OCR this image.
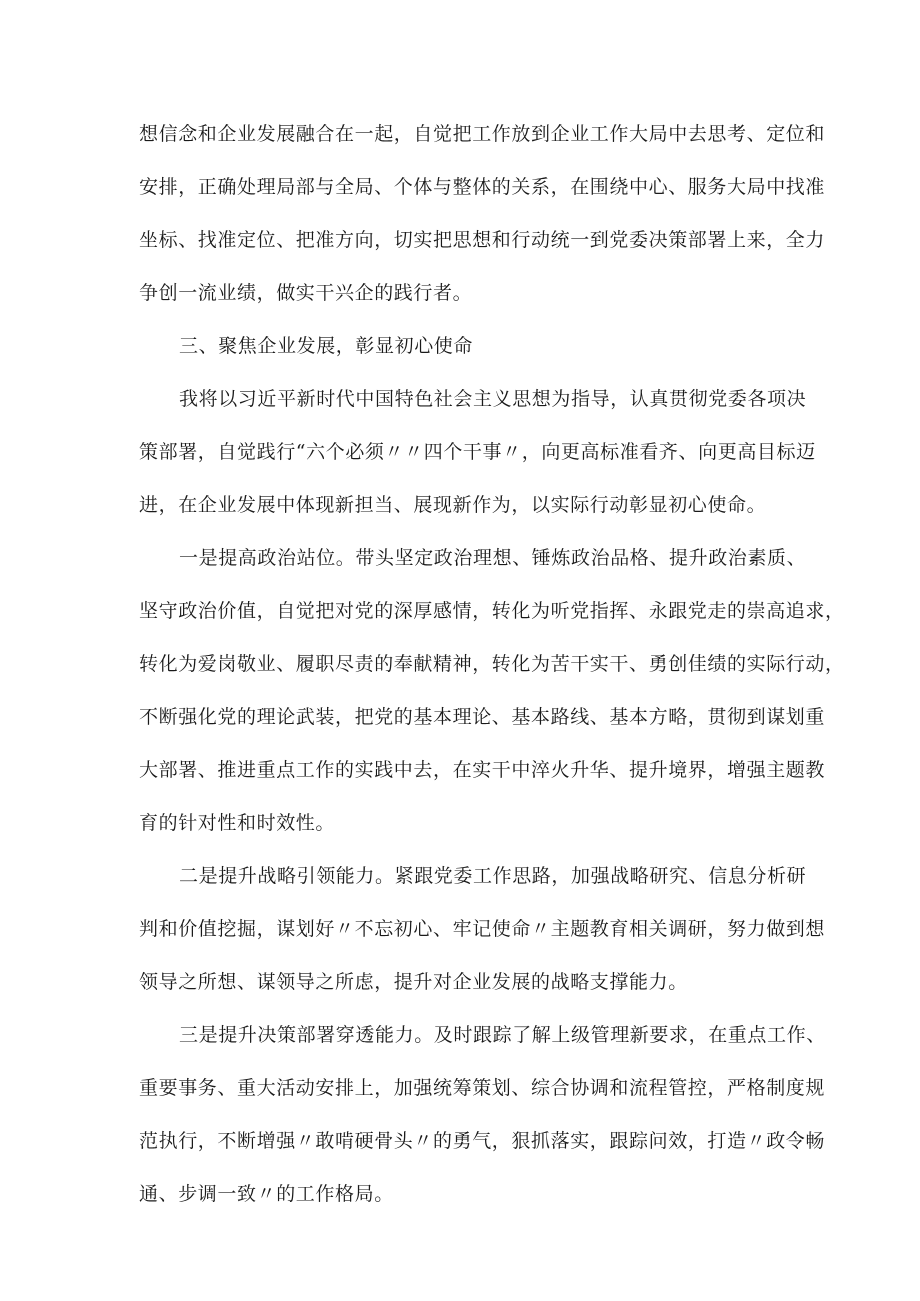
想信念和企业发展融合在一起，自觉把工作放到企业工作大局中去思考、定位和
安排，正确处理局部与全局、个体与整体的关系，在围绕中心、服务大局中找准
坐标、找准定位、把准方向，切实把思想和行动统一到党委决策部署上来，全力
争创一流业绩，做实干兴企的践行者。
三、聚焦企业发展，彰显初心使命
我将以习近平新时代中国特色社会主义思想为指导，认真贯彻党委各项决
策部署，自觉践行“六个必须〃〃四个干事〃，向更高标准看齐、向更高目标迈
进，在企业发展中体现新担当、展现新作为，以实际行动彰显初心使命。
一是提高政治站位。带头坚定政治理想、锤炼政治品格、提升政治素质、
坚守政治价值，自觉把对党的深厚感情，转化为听党指挥、永跟党走的崇高追求，
转化为爱岗敬业、履职尽责的奉献精神，转化为苦干实干、勇创佳绩的实际行动，
不断强化党的理论武装，把党的基本理论、基本路线、基本方略，贯彻到谋划重
大部署、推进重点工作的实践中去，在实干中淬火升华、提升境界，增强主题教
育的针对性和时效性。
二是提升战略引领能力。紧跟党委工作思路，加强战略研究、信息分析研
判和价值挖掘，谋划好〃不忘初心、牢记使命〃主题教育相关调研，努力做到想
领导之所想、谋领导之所虑，提升对企业发展的战略支撑能力。
三是提升决策部署穿透能力。及时跟踪了解上级管理新要求，在重点工作、
重要事务、重大活动安排上，加强统筹策划、综合协调和流程管控，严格制度规
范执行，不断增强〃敢啃硬骨头〃的勇气，狠抓落实，跟踪问效，打造〃政令畅
通、步调一致〃的工作格局。
